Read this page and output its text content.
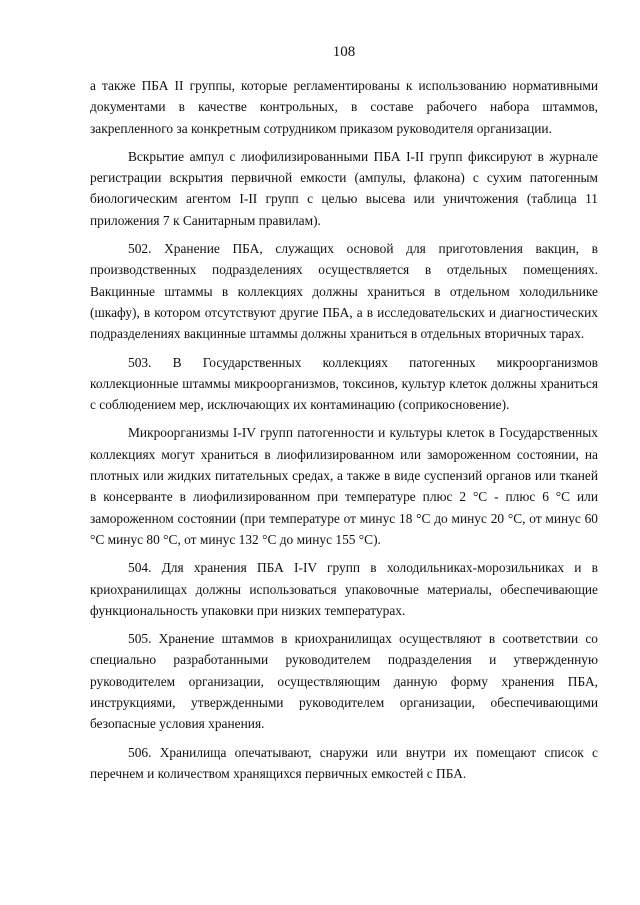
108

а также ПБА II группы, которые регламентированы к использованию нормативными документами в качестве контрольных, в составе рабочего набора штаммов, закрепленного за конкретным сотрудником приказом руководителя организации.

Вскрытие ампул с лиофилизированными ПБА I-II групп фиксируют в журнале регистрации вскрытия первичной емкости (ампулы, флакона) с сухим патогенным биологическим агентом I-II групп с целью высева или уничтожения (таблица 11 приложения 7 к Санитарным правилам).

502. Хранение ПБА, служащих основой для приготовления вакцин, в производственных подразделениях осуществляется в отдельных помещениях. Вакцинные штаммы в коллекциях должны храниться в отдельном холодильнике (шкафу), в котором отсутствуют другие ПБА, а в исследовательских и диагностических подразделениях вакцинные штаммы должны храниться в отдельных вторичных тарах.

503. В Государственных коллекциях патогенных микроорганизмов коллекционные штаммы микроорганизмов, токсинов, культур клеток должны храниться с соблюдением мер, исключающих их контаминацию (соприкосновение).

Микроорганизмы I-IV групп патогенности и культуры клеток в Государственных коллекциях могут храниться в лиофилизированном или замороженном состоянии, на плотных или жидких питательных средах, а также в виде суспензий органов или тканей в консерванте в лиофилизированном при температуре плюс 2 °С - плюс 6 °С или замороженном состоянии (при температуре от минус 18 °С до минус 20 °С, от минус 60 °С минус 80 °С, от минус 132 °С до минус 155 °С).

504. Для хранения ПБА I-IV групп в холодильниках-морозильниках и в криохранилищах должны использоваться упаковочные материалы, обеспечивающие функциональность упаковки при низких температурах.

505. Хранение штаммов в криохранилищах осуществляют в соответствии со специально разработанными руководителем подразделения и утвержденную руководителем организации, осуществляющим данную форму хранения ПБА, инструкциями, утвержденными руководителем организации, обеспечивающими безопасные условия хранения.

506. Хранилища опечатывают, снаружи или внутри их помещают список с перечнем и количеством хранящихся первичных емкостей с ПБА.
